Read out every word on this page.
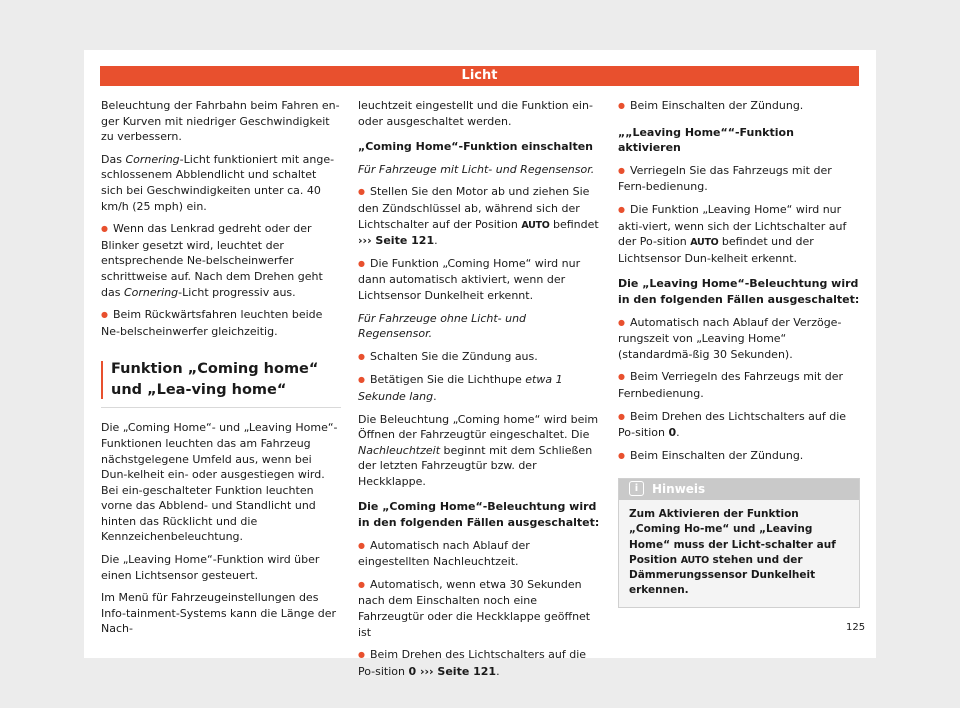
Licht

Beleuchtung der Fahrbahn beim Fahren en-ger Kurven mit niedriger Geschwindigkeit zu verbessern.

Das Cornering-Licht funktioniert mit ange-schlossenem Abblendlicht und schaltet sich bei Geschwindigkeiten unter ca. 40 km/h (25 mph) ein.

● Wenn das Lenkrad gedreht oder der Blinker gesetzt wird, leuchtet der entsprechende Ne-belscheinwerfer schrittweise auf. Nach dem Drehen geht das Cornering-Licht progressiv aus.

● Beim Rückwärtsfahren leuchten beide Ne-belscheinwerfer gleichzeitig.

Funktion „Coming home“ und „Lea-ving home“

Die „Coming Home“- und „Leaving Home“-Funktionen leuchten das am Fahrzeug nächstgelegene Umfeld aus, wenn bei Dun-kelheit ein- oder ausgestiegen wird. Bei ein-geschalteter Funktion leuchten vorne das Abblend- und Standlicht und hinten das Rücklicht und die Kennzeichenbeleuchtung.

Die „Leaving Home“-Funktion wird über einen Lichtsensor gesteuert.

Im Menü für Fahrzeugeinstellungen des Info-tainment-Systems kann die Länge der Nach-

leuchtzeit eingestellt und die Funktion ein-oder ausgeschaltet werden.

„Coming Home“-Funktion einschalten

Für Fahrzeuge mit Licht- und Regensensor.

● Stellen Sie den Motor ab und ziehen Sie den Zündschlüssel ab, während sich der Lichtschalter auf der Position AUTO befindet ››› Seite 121.

● Die Funktion „Coming Home“ wird nur dann automatisch aktiviert, wenn der Lichtsensor Dunkelheit erkennt.

Für Fahrzeuge ohne Licht- und Regensensor.

● Schalten Sie die Zündung aus.

● Betätigen Sie die Lichthupe etwa 1 Sekunde lang.

Die Beleuchtung „Coming home“ wird beim Öffnen der Fahrzeugtür eingeschaltet. Die Nachleuchtzeit beginnt mit dem Schließen der letzten Fahrzeugtür bzw. der Heckklappe.

Die „Coming Home“-Beleuchtung wird in den folgenden Fällen ausgeschaltet:

● Automatisch nach Ablauf der eingestellten Nachleuchtzeit.

● Automatisch, wenn etwa 30 Sekunden nach dem Einschalten noch eine Fahrzeugtür oder die Heckklappe geöffnet ist

● Beim Drehen des Lichtschalters auf die Po-sition 0 ››› Seite 121.

● Beim Einschalten der Zündung.

„„Leaving Home““-Funktion aktivieren

● Verriegeln Sie das Fahrzeugs mit der Fern-bedienung.

● Die Funktion „Leaving Home“ wird nur akti-viert, wenn sich der Lichtschalter auf der Po-sition AUTO befindet und der Lichtsensor Dun-kelheit erkennt.

Die „Leaving Home“-Beleuchtung wird in den folgenden Fällen ausgeschaltet:

● Automatisch nach Ablauf der Verzöge-rungszeit von „Leaving Home“ (standardmä-ßig 30 Sekunden).

● Beim Verriegeln des Fahrzeugs mit der Fernbedienung.

● Beim Drehen des Lichtschalters auf die Po-sition 0.

● Beim Einschalten der Zündung.

i Hinweis
Zum Aktivieren der Funktion „Coming Ho-me“ und „Leaving Home“ muss der Licht-schalter auf Position AUTO stehen und der Dämmerungssensor Dunkelheit erkennen.
125
